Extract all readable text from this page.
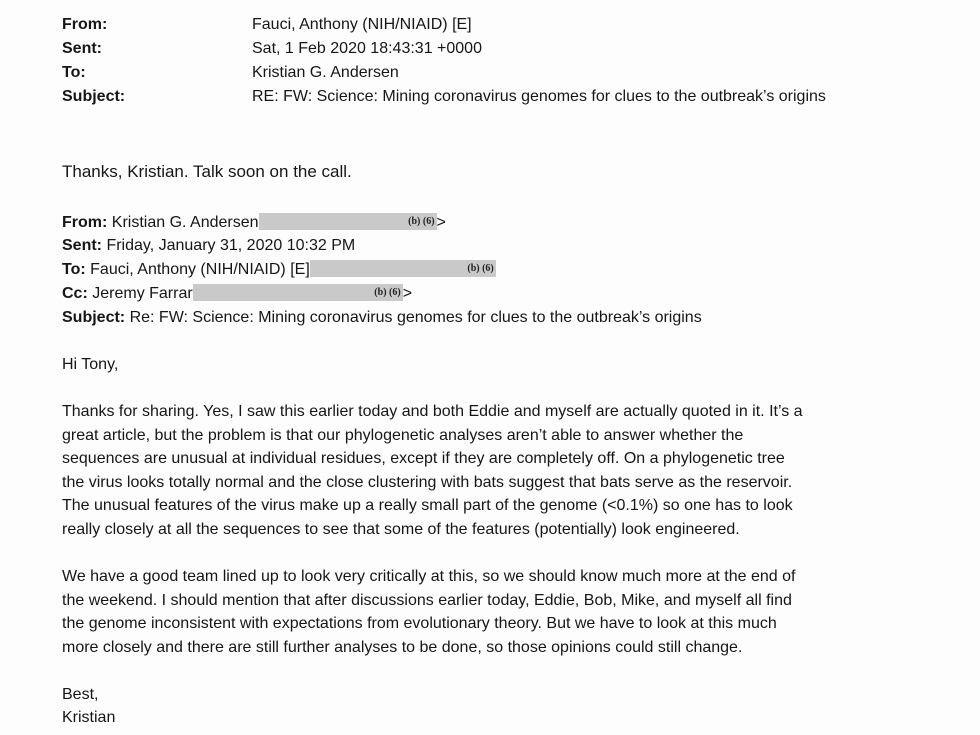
From:	Fauci, Anthony (NIH/NIAID) [E]
Sent:	Sat, 1 Feb 2020 18:43:31 +0000
To:	Kristian G. Andersen
Subject:	RE: FW: Science: Mining coronavirus genomes for clues to the outbreak’s origins
Thanks, Kristian. Talk soon on the call.
From: Kristian G. Andersen	(b) (6) >
Sent: Friday, January 31, 2020 10:32 PM
To: Fauci, Anthony (NIH/NIAID) [E]	(b) (6)
Cc: Jeremy Farrar	(b) (6) >
Subject: Re: FW: Science: Mining coronavirus genomes for clues to the outbreak’s origins
Hi Tony,
Thanks for sharing. Yes, I saw this earlier today and both Eddie and myself are actually quoted in it. It’s a
great article, but the problem is that our phylogenetic analyses aren’t able to answer whether the
sequences are unusual at individual residues, except if they are completely off. On a phylogenetic tree
the virus looks totally normal and the close clustering with bats suggest that bats serve as the reservoir.
The unusual features of the virus make up a really small part of the genome (<0.1%) so one has to look
really closely at all the sequences to see that some of the features (potentially) look engineered.
We have a good team lined up to look very critically at this, so we should know much more at the end of
the weekend. I should mention that after discussions earlier today, Eddie, Bob, Mike, and myself all find
the genome inconsistent with expectations from evolutionary theory. But we have to look at this much
more closely and there are still further analyses to be done, so those opinions could still change.
Best,
Kristian
